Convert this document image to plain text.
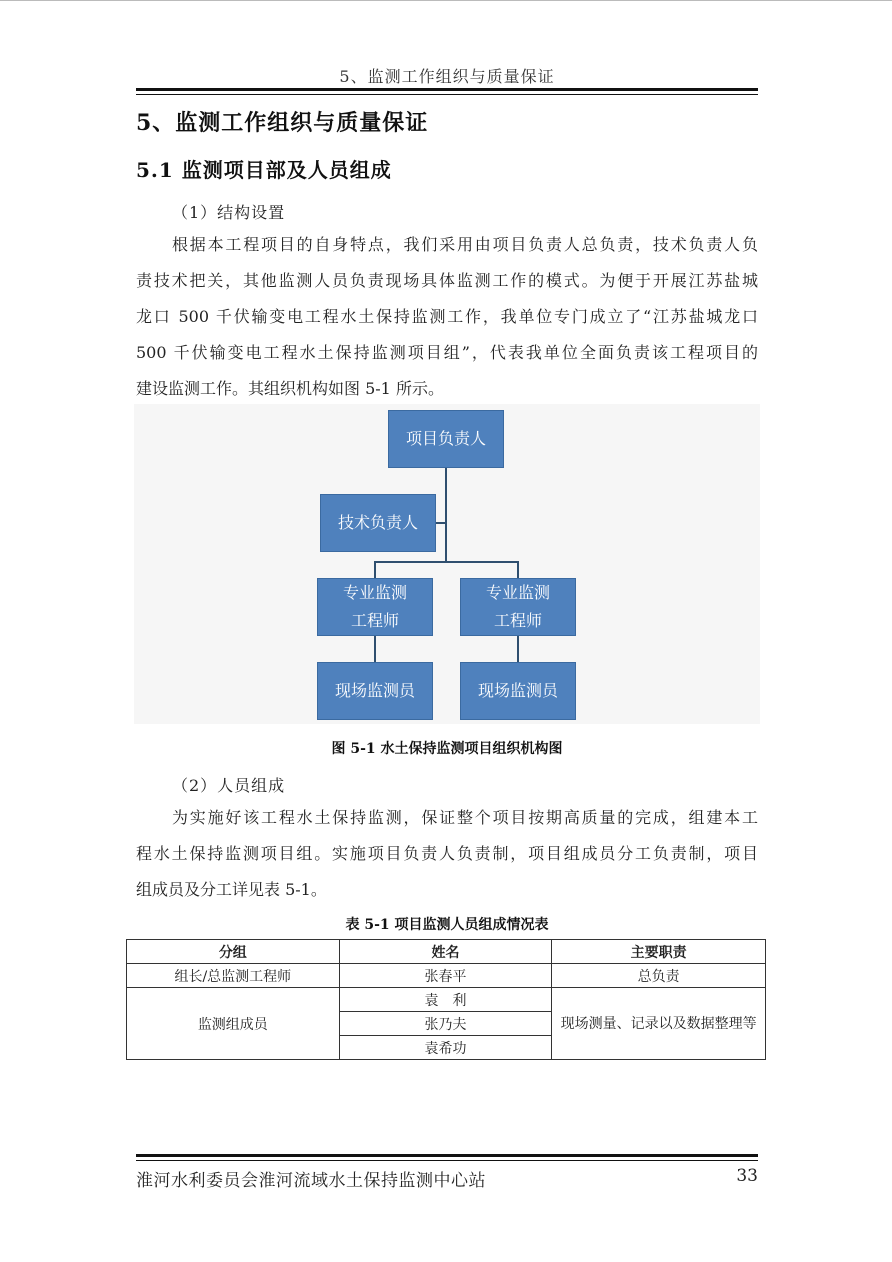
5、监测工作组织与质量保证
5、监测工作组织与质量保证
5.1 监测项目部及人员组成
（1）结构设置
根据本工程项目的自身特点，我们采用由项目负责人总负责，技术负责人负
责技术把关，其他监测人员负责现场具体监测工作的模式。为便于开展江苏盐城
龙口 500 千伏输变电工程水土保持监测工作，我单位专门成立了“江苏盐城龙口
500 千伏输变电工程水土保持监测项目组”，代表我单位全面负责该工程项目的
建设监测工作。其组织机构如图 5-1 所示。
项目负责人
技术负责人
专业监测
工程师
专业监测
工程师
现场监测员	现场监测员
图 5-1 水土保持监测项目组织机构图
（2）人员组成
为实施好该工程水土保持监测，保证整个项目按期高质量的完成，组建本工
程水土保持监测项目组。实施项目负责人负责制，项目组成员分工负责制，项目
组成员及分工详见表 5-1。
表 5-1 项目监测人员组成情况表
分组	姓名	主要职责
组长/总监测工程师	张春平	总负责
监测组成员	袁　利	现场测量、记录以及数据整理等
	张乃夫	
	袁希功	
淮河水利委员会淮河流域水土保持监测中心站	33
